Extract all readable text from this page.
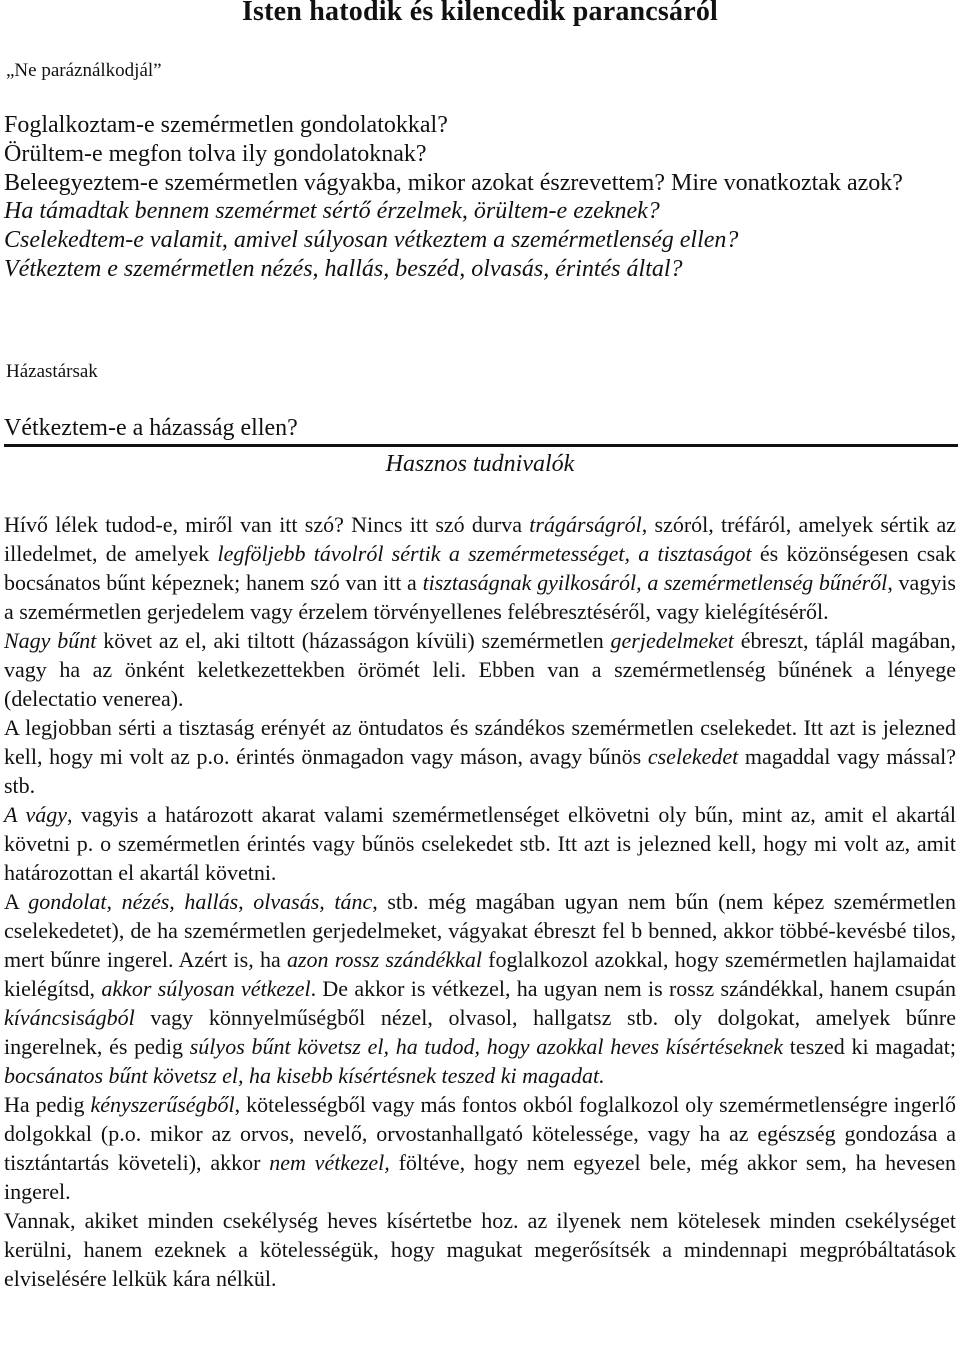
Isten hatodik és kilencedik parancsáról
„Ne paráználkodjál”
Foglalkoztam-e szemérmetlen gondolatokkal?
Örültem-e megfon tolva ily gondolatoknak?
Beleegyeztem-e szemérmetlen vágyakba, mikor azokat észrevettem? Mire vonatkoztak azok?
Ha támadtak bennem szemérmet sértő érzelmek, örültem-e ezeknek?
Cselekedtem-e valamit, amivel súlyosan vétkeztem a szemérmetlenség ellen?
Vétkeztem e szemérmetlen nézés, hallás, beszéd, olvasás, érintés által?
Házastársak
Vétkeztem-e a házasság ellen?
Hasznos tudnivalók

Hívő lélek tudod-e, miről van itt szó? Nincs itt szó durva trágárságról, szóról, tréfáról, amelyek sértik az illedelmet, de amelyek legföljebb távolról sértik a szemérmetességet, a tisztaságot és közönségesen csak bocsánatos bűnt képeznek; hanem szó van itt a tisztaságnak gyilkosáról, a szemérmetlenség bűnéről, vagyis a szemérmetlen gerjedelem vagy érzelem törvényellenes felébresztéséről, vagy kielégítéséről.

Nagy bűnt követ az el, aki tiltott (házasságon kívüli) szemérmetlen gerjedelmeket ébreszt, táplál magában, vagy ha az önként keletkezettekben örömét leli. Ebben van a szemérmetlenség bűnének a lényege (delectatio venerea).

A legjobban sérti a tisztaság erényét az öntudatos és szándékos szemérmetlen cselekedet. Itt azt is jelezned kell, hogy mi volt az p.o. érintés önmagadon vagy máson, avagy bűnös cselekedet magaddal vagy mással? stb.

A vágy, vagyis a határozott akarat valami szemérmetlenséget elkövetni oly bűn, mint az, amit el akartál követni p. o szemérmetlen érintés vagy bűnös cselekedet stb. Itt azt is jelezned kell, hogy mi volt az, amit határozottan el akartál követni.

A gondolat, nézés, hallás, olvasás, tánc, stb. még magában ugyan nem bűn (nem képez szemérmetlen cselekedetet), de ha szemérmetlen gerjedelmeket, vágyakat ébreszt fel b benned, akkor többé-kevésbé tilos, mert bűnre ingerel. Azért is, ha azon rossz szándékkal foglalkozol azokkal, hogy szemérmetlen hajlamaidat kielégítsd, akkor súlyosan vétkezel. De akkor is vétkezel, ha ugyan nem is rossz szándékkal, hanem csupán kíváncsiságból vagy könnyelműségből nézel, olvasol, hallgatsz stb. oly dolgokat, amelyek bűnre ingerelnek, és pedig súlyos bűnt követsz el, ha tudod, hogy azokkal heves kísértéseknek teszed ki magadat; bocsánatos bűnt követsz el, ha kisebb kísértésnek teszed ki magadat.

Ha pedig kényszerűségből, kötelességből vagy más fontos okból foglalkozol oly szemérmetlenségre ingerlő dolgokkal (p.o. mikor az orvos, nevelő, orvostanhallgató kötelessége, vagy ha az egészség gondozása a tisztántartás követeli), akkor nem vétkezel, föltéve, hogy nem egyezel bele, még akkor sem, ha hevesen ingerel.

Vannak, akiket minden csekélység heves kísértetbe hoz. az ilyenek nem kötelesek minden csekélységet kerülni, hanem ezeknek a kötelességük, hogy magukat megerősítsék a mindennapi megpróbáltatások elviselésére lelkük kára nélkül.
